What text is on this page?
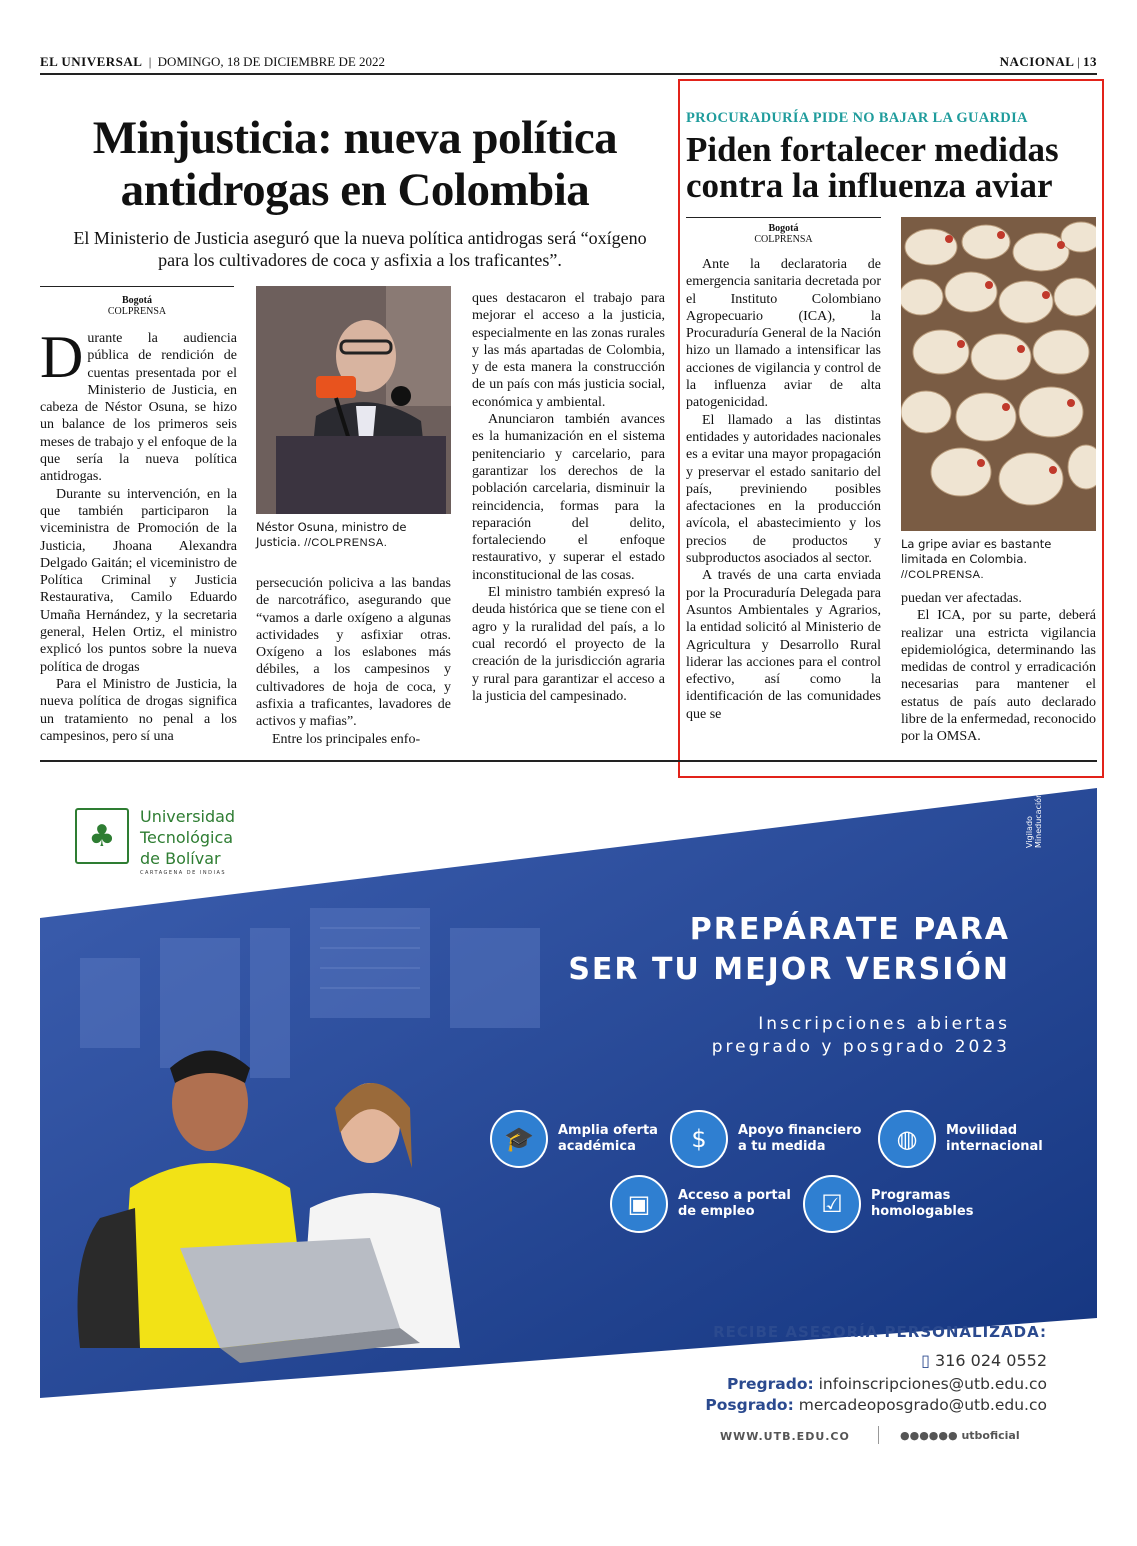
EL UNIVERSAL | DOMINGO, 18 DE DICIEMBRE DE 2022	NACIONAL | 13
Minjusticia: nueva política antidrogas en Colombia
El Ministerio de Justicia aseguró que la nueva política antidrogas será “oxígeno para los cultivadores de coca y asfixia a los traficantes”.
Bogotá
COLPRENSA

Durante la audiencia pública de rendición de cuentas presentada por el Ministerio de Justicia, en cabeza de Néstor Osuna, se hizo un balance de los primeros seis meses de trabajo y el enfoque de la que sería la nueva política antidrogas.

Durante su intervención, en la que también participaron la viceministra de Promoción de la Justicia, Jhoana Alexandra Delgado Gaitán; el viceministro de Política Criminal y Justicia Restaurativa, Camilo Eduardo Umaña Hernández, y la secretaria general, Helen Ortiz, el ministro explicó los puntos sobre la nueva política de drogas

Para el Ministro de Justicia, la nueva política de drogas significa un tratamiento no penal a los campesinos, pero sí una

Néstor Osuna, ministro de Justicia. //COLPRENSA.

persecución policiva a las bandas de narcotráfico, asegurando que “vamos a darle oxígeno a algunas actividades y asfixiar otras. Oxígeno a los eslabones más débiles, a los campesinos y cultivadores de hoja de coca, y asfixia a traficantes, lavadores de activos y mafias”.

Entre los principales enfo-

ques destacaron el trabajo para mejorar el acceso a la justicia, especialmente en las zonas rurales y las más apartadas de Colombia, y de esta manera la construcción de un país con más justicia social, económica y ambiental.

Anunciaron también avances es la humanización en el sistema penitenciario y carcelario, para garantizar los derechos de la población carcelaria, disminuir la reincidencia, formas para la reparación del delito, fortaleciendo el enfoque restaurativo, y superar el estado inconstitucional de las cosas.

El ministro también expresó la deuda histórica que se tiene con el agro y la ruralidad del país, a lo cual recordó el proyecto de la creación de la jurisdicción agraria y rural para garantizar el acceso a la justicia del campesinado.

PROCURADURÍA PIDE NO BAJAR LA GUARDIA
Piden fortalecer medidas contra la influenza aviar
Bogotá
COLPRENSA

Ante la declaratoria de emergencia sanitaria decretada por el Instituto Colombiano Agropecuario (ICA), la Procuraduría General de la Nación hizo un llamado a intensificar las acciones de vigilancia y control de la influenza aviar de alta patogenicidad.

El llamado a las distintas entidades y autoridades nacionales es a evitar una mayor propagación y preservar el estado sanitario del país, previniendo posibles afectaciones en la producción avícola, el abastecimiento y los precios de productos y subproductos asociados al sector.

A través de una carta enviada por la Procuraduría Delegada para Asuntos Ambientales y Agrarios, la entidad solicitó al Ministerio de Agricultura y Desarrollo Rural liderar las acciones para el control efectivo, así como la identificación de las comunidades que se

La gripe aviar es bastante limitada en Colombia. //COLPRENSA.

puedan ver afectadas.

El ICA, por su parte, deberá realizar una estricta vigilancia epidemiológica, determinando las medidas de control y erradicación necesarias para mantener el estatus de país auto declarado libre de la enfermedad, reconocido por la OMSA.

♣
Universidad
Tecnológica
de Bolívar
CARTAGENA DE INDIAS
Vigilado Mineducación
PREPÁRATE PARA
SER TU MEJOR VERSIÓN
Inscripciones abiertas
pregrado y posgrado 2023
🎓	Amplia oferta
académica	$	Apoyo financiero
a tu medida	◍	Movilidad
internacional
▣	Acceso a portal
de empleo	☑	Programas
homologables
RECIBE ASESORÍA PERSONALIZADA:
▯ 316 024 0552
Pregrado: infoinscripciones@utb.edu.co
Posgrado: mercadeoposgrado@utb.edu.co
WWW.UTB.EDU.CO	●●●●●● utboficial
